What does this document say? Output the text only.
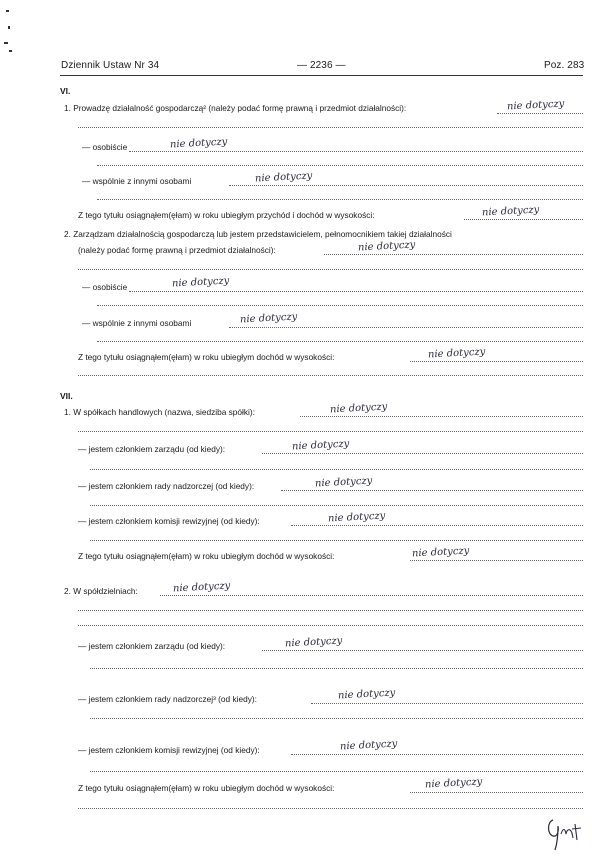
Dziennik Ustaw Nr 34	— 2236 —	Poz. 283
VI.
1. Prowadzę działalność gospodarczą² (należy podać formę prawną i przedmiot działalności):	nie dotyczy
— osobiście	nie dotyczy
— wspólnie z innymi osobami	nie dotyczy
Z tego tytułu osiągnąłem(ęłam) w roku ubiegłym przychód i dochód w wysokości:	nie dotyczy
2. Zarządzam działalnością gospodarczą lub jestem przedstawicielem, pełnomocnikiem takiej działalności
(należy podać formę prawną i przedmiot działalności):	nie dotyczy
— osobiście	nie dotyczy
— wspólnie z innymi osobami	nie dotyczy
Z tego tytułu osiągnąłem(ęłam) w roku ubiegłym dochód w wysokości:	nie dotyczy
VII.
1. W spółkach handlowych (nazwa, siedziba spółki):	nie dotyczy
— jestem członkiem zarządu (od kiedy):	nie dotyczy
— jestem członkiem rady nadzorczej (od kiedy):	nie dotyczy
— jestem członkiem komisji rewizyjnej (od kiedy):	nie dotyczy
Z tego tytułu osiągnąłem(ęłam) w roku ubiegłym dochód w wysokości:	nie dotyczy
2. W spółdzielniach:	nie dotyczy
— jestem członkiem zarządu (od kiedy):	nie dotyczy
— jestem członkiem rady nadzorczej³ (od kiedy):	nie dotyczy
— jestem członkiem komisji rewizyjnej (od kiedy):	nie dotyczy
Z tego tytułu osiągnąłem(ęłam) w roku ubiegłym dochód w wysokości:	nie dotyczy
